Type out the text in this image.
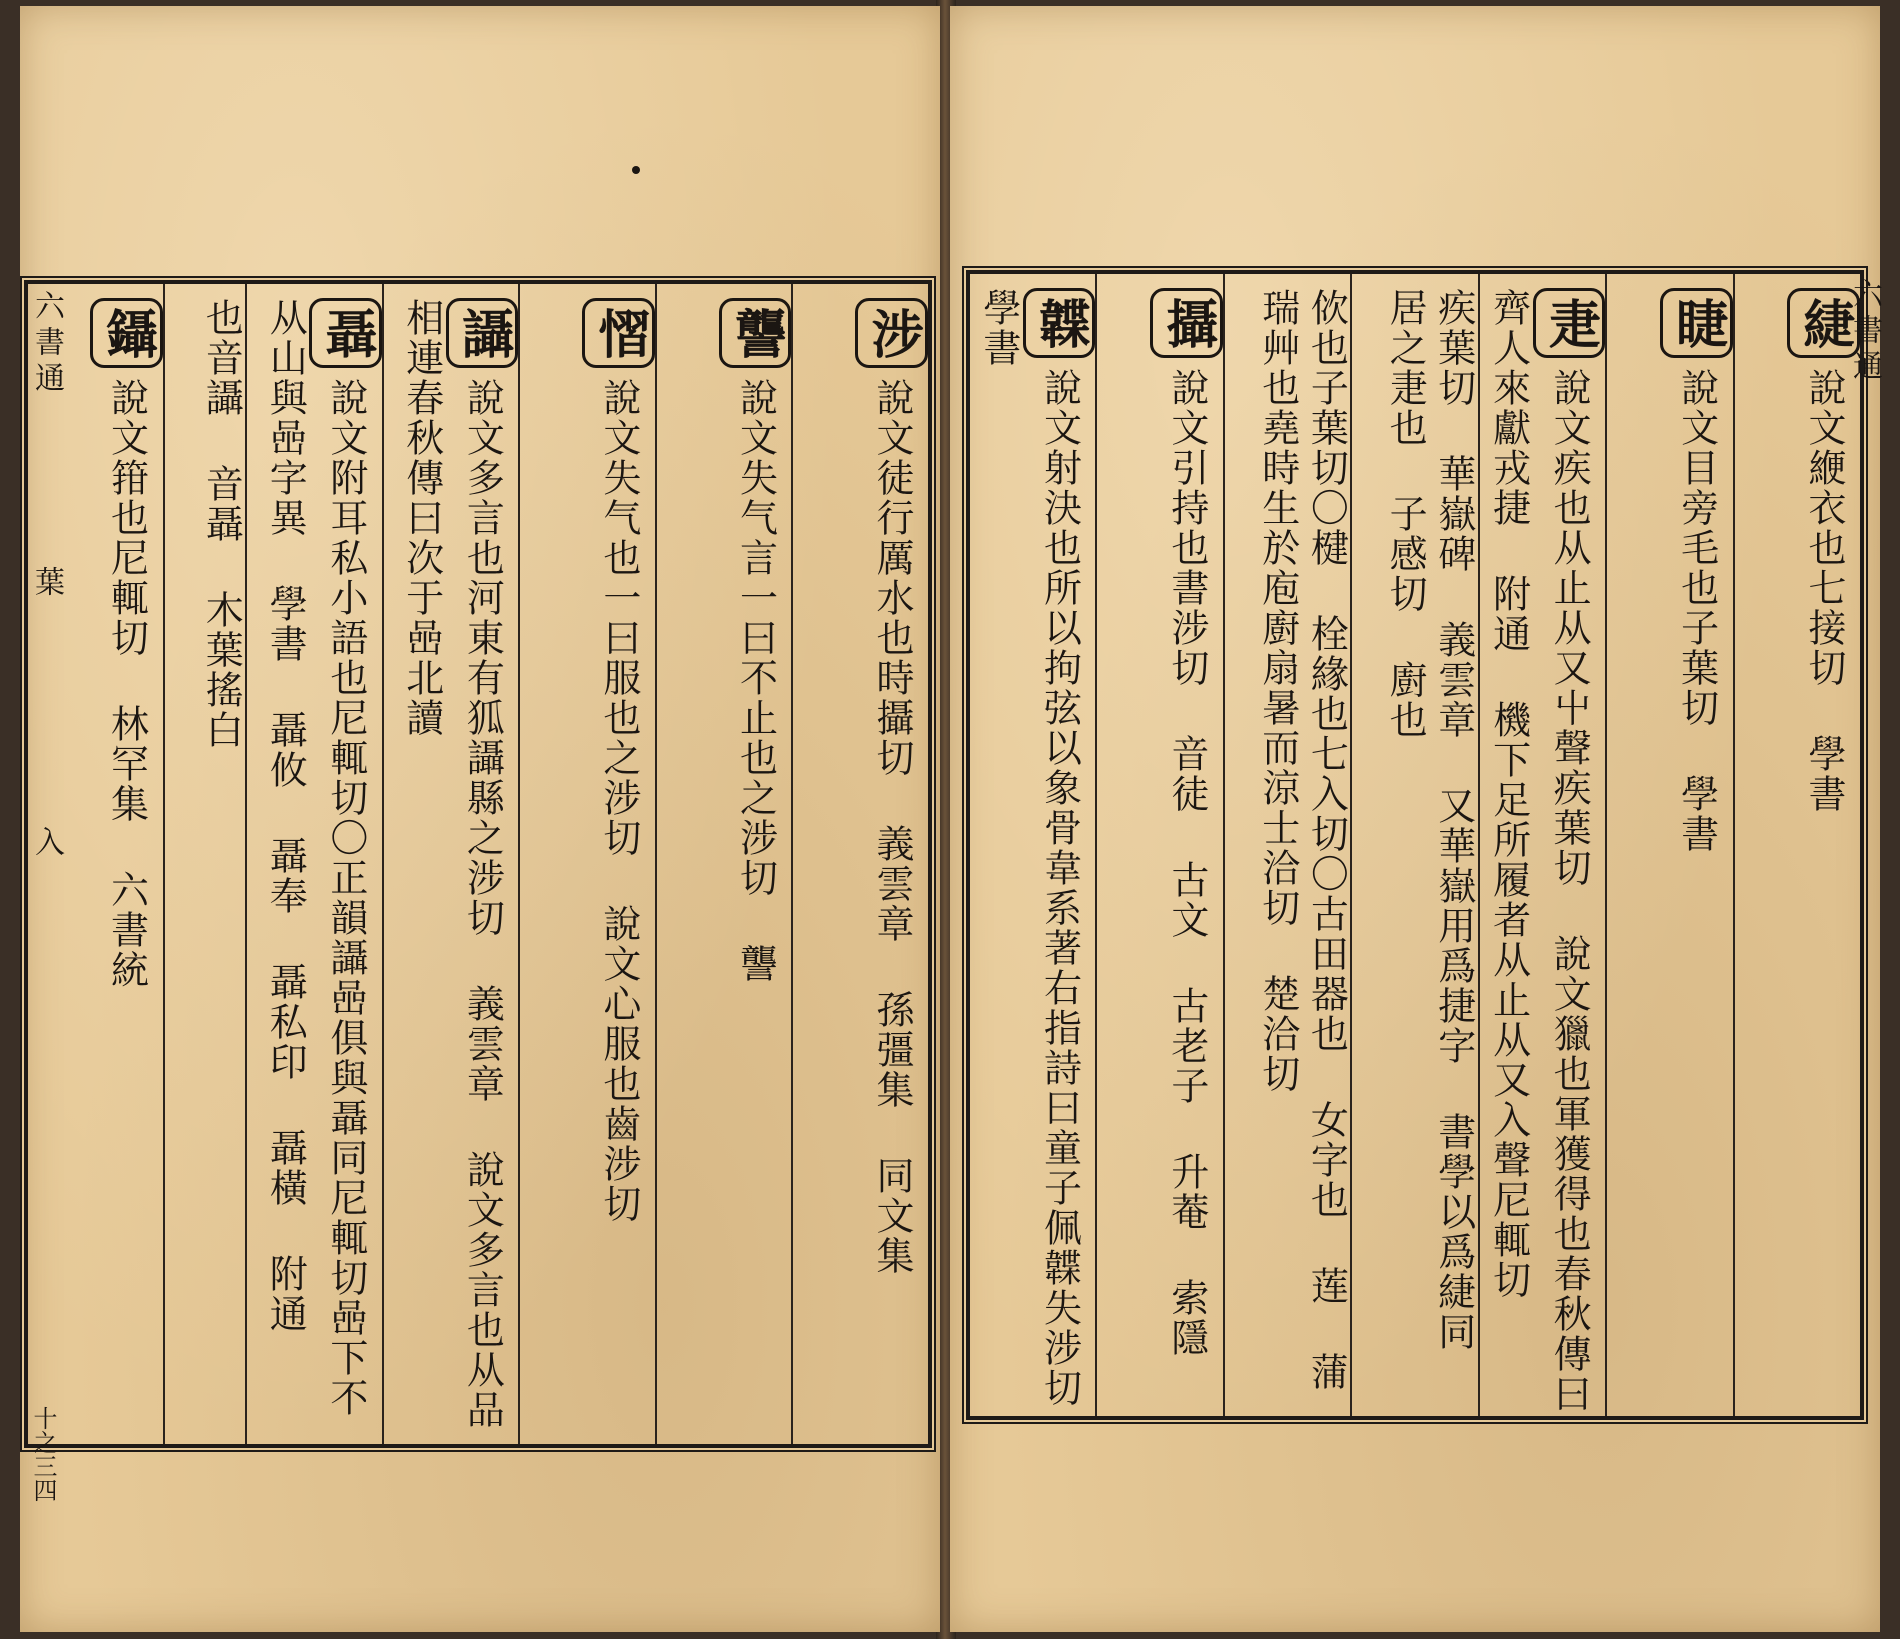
涉說文徒行厲水也時攝切 義雲章 孫彊集 同文集
讋說文失气言一曰不止也之涉切 讋
慴說文失气也一曰服也之涉切 說文心服也齒涉切
讘說文多言也河東有狐讘縣之涉切 義雲章 說文多言也从品相連春秋傳曰次于喦北讀
聶說文附耳私小語也尼輒切〇正韻讘喦俱與聶同尼輒切喦下不从山與喦字異 學書 聶攸 聶奉 聶私印 聶橫 附通
也音讘 音聶 木葉搖白
鑷說文箝也尼輒切 林罕集 六書統
六書通
葉
入
十之三四
緁說文緶衣也七接切 學書
睫說文目旁毛也子葉切 學書
疌說文疾也从止从又屮聲疾葉切 說文獵也軍獲得也春秋傳曰齊人來獻戎捷 附通 機下足所履者从止从又入聲尼輒切
疾葉切 華嶽碑 義雲章 又華嶽用爲捷字 書學以爲緁同 居之疌也 子感切 廚也
佽也子葉切〇楗 栓緣也七入切〇古田器也 女字也 莲 蒲瑞艸也堯時生於庖廚扇暑而涼士洽切 楚洽切
攝說文引持也書涉切 音徒 古文 古老子 升菴 索隱
韘說文射決也所以拘弦以象骨韋系著右指詩曰童子佩韘失涉切 學書	六書通
